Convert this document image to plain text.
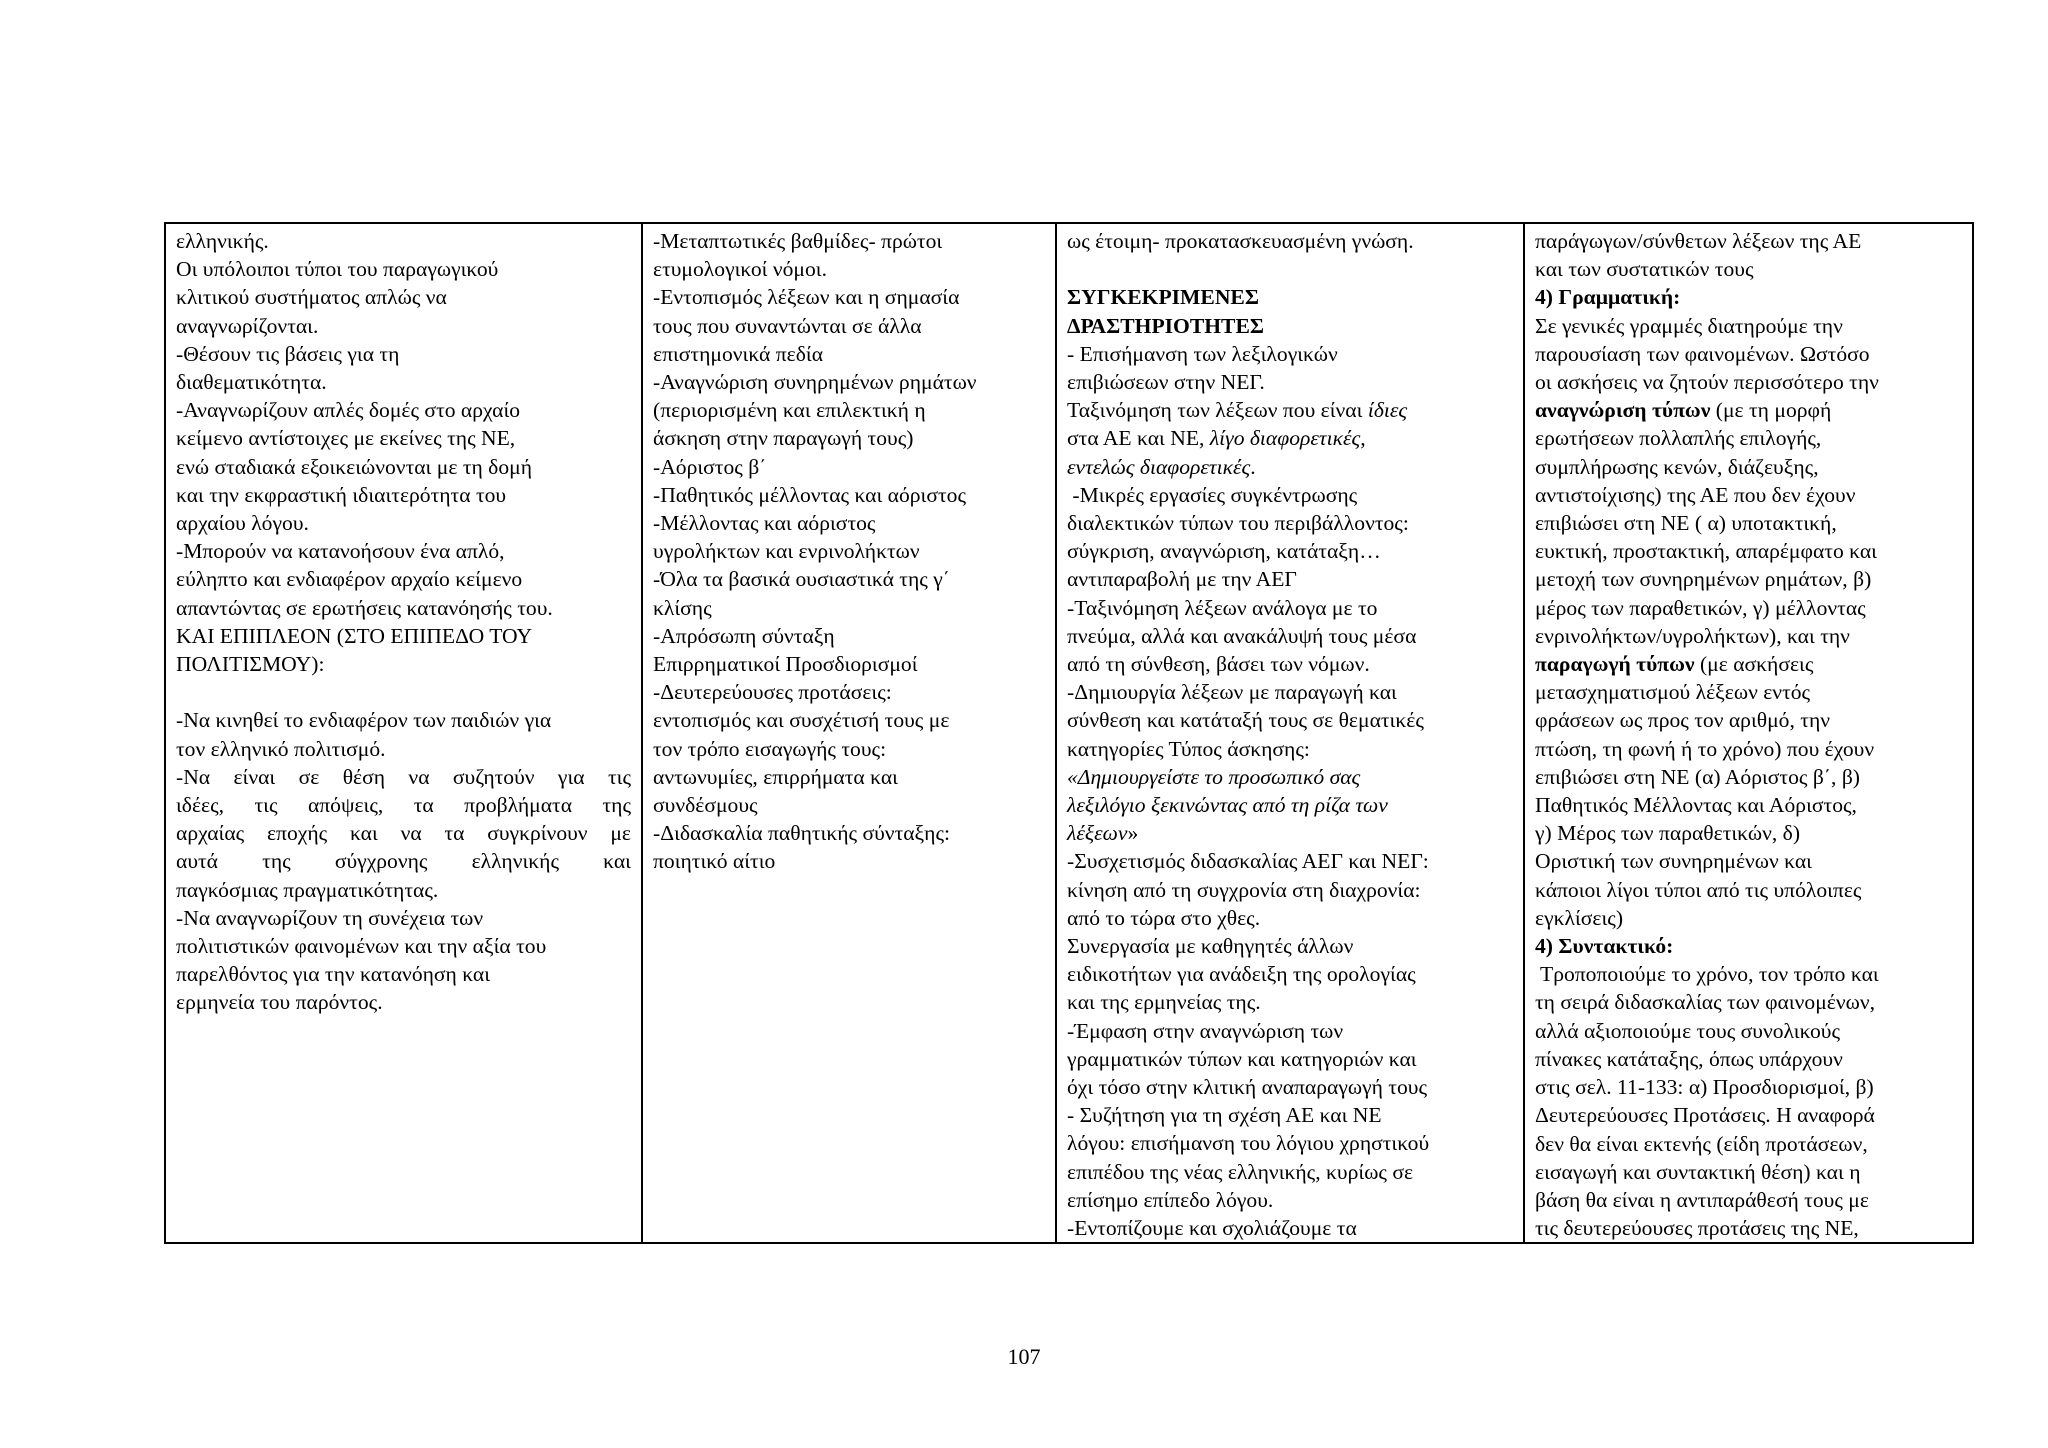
ελληνικής.
Οι υπόλοιποι τύποι του παραγωγικού
κλιτικού συστήματος απλώς να
αναγνωρίζονται.
-Θέσουν τις βάσεις για τη
διαθεματικότητα.
-Αναγνωρίζουν απλές δομές στο αρχαίο
κείμενο αντίστοιχες με εκείνες της ΝΕ,
ενώ σταδιακά εξοικειώνονται με τη δομή
και την εκφραστική ιδιαιτερότητα του
αρχαίου λόγου.
-Μπορούν να κατανοήσουν ένα απλό,
εύληπτο και ενδιαφέρον αρχαίο κείμενο
απαντώντας σε ερωτήσεις κατανόησής του.
ΚΑΙ ΕΠΙΠΛΕΟΝ (ΣΤΟ ΕΠΙΠΕΔΟ ΤΟΥ
ΠΟΛΙΤΙΣΜΟΥ):
-Να κινηθεί το ενδιαφέρον των παιδιών για
τον ελληνικό πολιτισμό.
-Να είναι σε θέση να συζητούν για τις
ιδέες, τις απόψεις, τα προβλήματα της
αρχαίας εποχής και να τα συγκρίνουν με
αυτά της σύγχρονης ελληνικής και
παγκόσμιας πραγματικότητας.
-Να αναγνωρίζουν τη συνέχεια των
πολιτιστικών φαινομένων και την αξία του
παρελθόντος για την κατανόηση και
ερμηνεία του παρόντος.

-Μεταπτωτικές βαθμίδες- πρώτοι
ετυμολογικοί νόμοι.
-Εντοπισμός λέξεων και η σημασία
τους που συναντώνται σε άλλα
επιστημονικά πεδία
-Αναγνώριση συνηρημένων ρημάτων
(περιορισμένη και επιλεκτική η
άσκηση στην παραγωγή τους)
-Αόριστος β΄
-Παθητικός μέλλοντας και αόριστος
-Μέλλοντας και αόριστος
υγρολήκτων και ενρινολήκτων
-Όλα τα βασικά ουσιαστικά της γ΄
κλίσης
-Απρόσωπη σύνταξη
Επιρρηματικοί Προσδιορισμοί
-Δευτερεύουσες προτάσεις:
εντοπισμός και συσχέτισή τους με
τον τρόπο εισαγωγής τους:
αντωνυμίες, επιρρήματα και
συνδέσμους
-Διδασκαλία παθητικής σύνταξης:
ποιητικό αίτιο

ως έτοιμη- προκατασκευασμένη γνώση.
ΣΥΓΚΕΚΡΙΜΕΝΕΣ
ΔΡΑΣΤΗΡΙΟΤΗΤΕΣ
- Επισήμανση των λεξιλογικών
επιβιώσεων στην ΝΕΓ.
Ταξινόμηση των λέξεων που είναι ίδιες
στα ΑΕ και ΝΕ, λίγο διαφορετικές,
εντελώς διαφορετικές.
-Μικρές εργασίες συγκέντρωσης
διαλεκτικών τύπων του περιβάλλοντος:
σύγκριση, αναγνώριση, κατάταξη…
αντιπαραβολή με την ΑΕΓ
-Ταξινόμηση λέξεων ανάλογα με το
πνεύμα, αλλά και ανακάλυψή τους μέσα
από τη σύνθεση, βάσει των νόμων.
-Δημιουργία λέξεων με παραγωγή και
σύνθεση και κατάταξή τους σε θεματικές
κατηγορίες Τύπος άσκησης:
«Δημιουργείστε το προσωπικό σας
λεξιλόγιο ξεκινώντας από τη ρίζα των
λέξεων»
-Συσχετισμός διδασκαλίας ΑΕΓ και ΝΕΓ:
κίνηση από τη συγχρονία στη διαχρονία:
από το τώρα στο χθες.
Συνεργασία με καθηγητές άλλων
ειδικοτήτων για ανάδειξη της ορολογίας
και της ερμηνείας της.
-Έμφαση στην αναγνώριση των
γραμματικών τύπων και κατηγοριών και
όχι τόσο στην κλιτική αναπαραγωγή τους
- Συζήτηση για τη σχέση ΑΕ και ΝΕ
λόγου: επισήμανση του λόγιου χρηστικού
επιπέδου της νέας ελληνικής, κυρίως σε
επίσημο επίπεδο λόγου.
-Εντοπίζουμε και σχολιάζουμε τα

παράγωγων/σύνθετων λέξεων της ΑΕ
και των συστατικών τους
4) Γραμματική:
Σε γενικές γραμμές διατηρούμε την
παρουσίαση των φαινομένων. Ωστόσο
οι ασκήσεις να ζητούν περισσότερο την
αναγνώριση τύπων (με τη μορφή
ερωτήσεων πολλαπλής επιλογής,
συμπλήρωσης κενών, διάζευξης,
αντιστοίχισης) της ΑΕ που δεν έχουν
επιβιώσει στη ΝΕ ( α) υποτακτική,
ευκτική, προστακτική, απαρέμφατο και
μετοχή των συνηρημένων ρημάτων, β)
μέρος των παραθετικών, γ) μέλλοντας
ενρινολήκτων/υγρολήκτων), και την
παραγωγή τύπων (με ασκήσεις
μετασχηματισμού λέξεων εντός
φράσεων ως προς τον αριθμό, την
πτώση, τη φωνή ή το χρόνο) που έχουν
επιβιώσει στη ΝΕ (α) Αόριστος β΄, β)
Παθητικός Μέλλοντας και Αόριστος,
γ) Μέρος των παραθετικών, δ)
Οριστική των συνηρημένων και
κάποιοι λίγοι τύποι από τις υπόλοιπες
εγκλίσεις)
4) Συντακτικό:
Τροποποιούμε το χρόνο, τον τρόπο και
τη σειρά διδασκαλίας των φαινομένων,
αλλά αξιοποιούμε τους συνολικούς
πίνακες κατάταξης, όπως υπάρχουν
στις σελ. 11-133: α) Προσδιορισμοί, β)
Δευτερεύουσες Προτάσεις. Η αναφορά
δεν θα είναι εκτενής (είδη προτάσεων,
εισαγωγή και συντακτική θέση) και η
βάση θα είναι η αντιπαράθεσή τους με
τις δευτερεύουσες προτάσεις της ΝΕ,
107
